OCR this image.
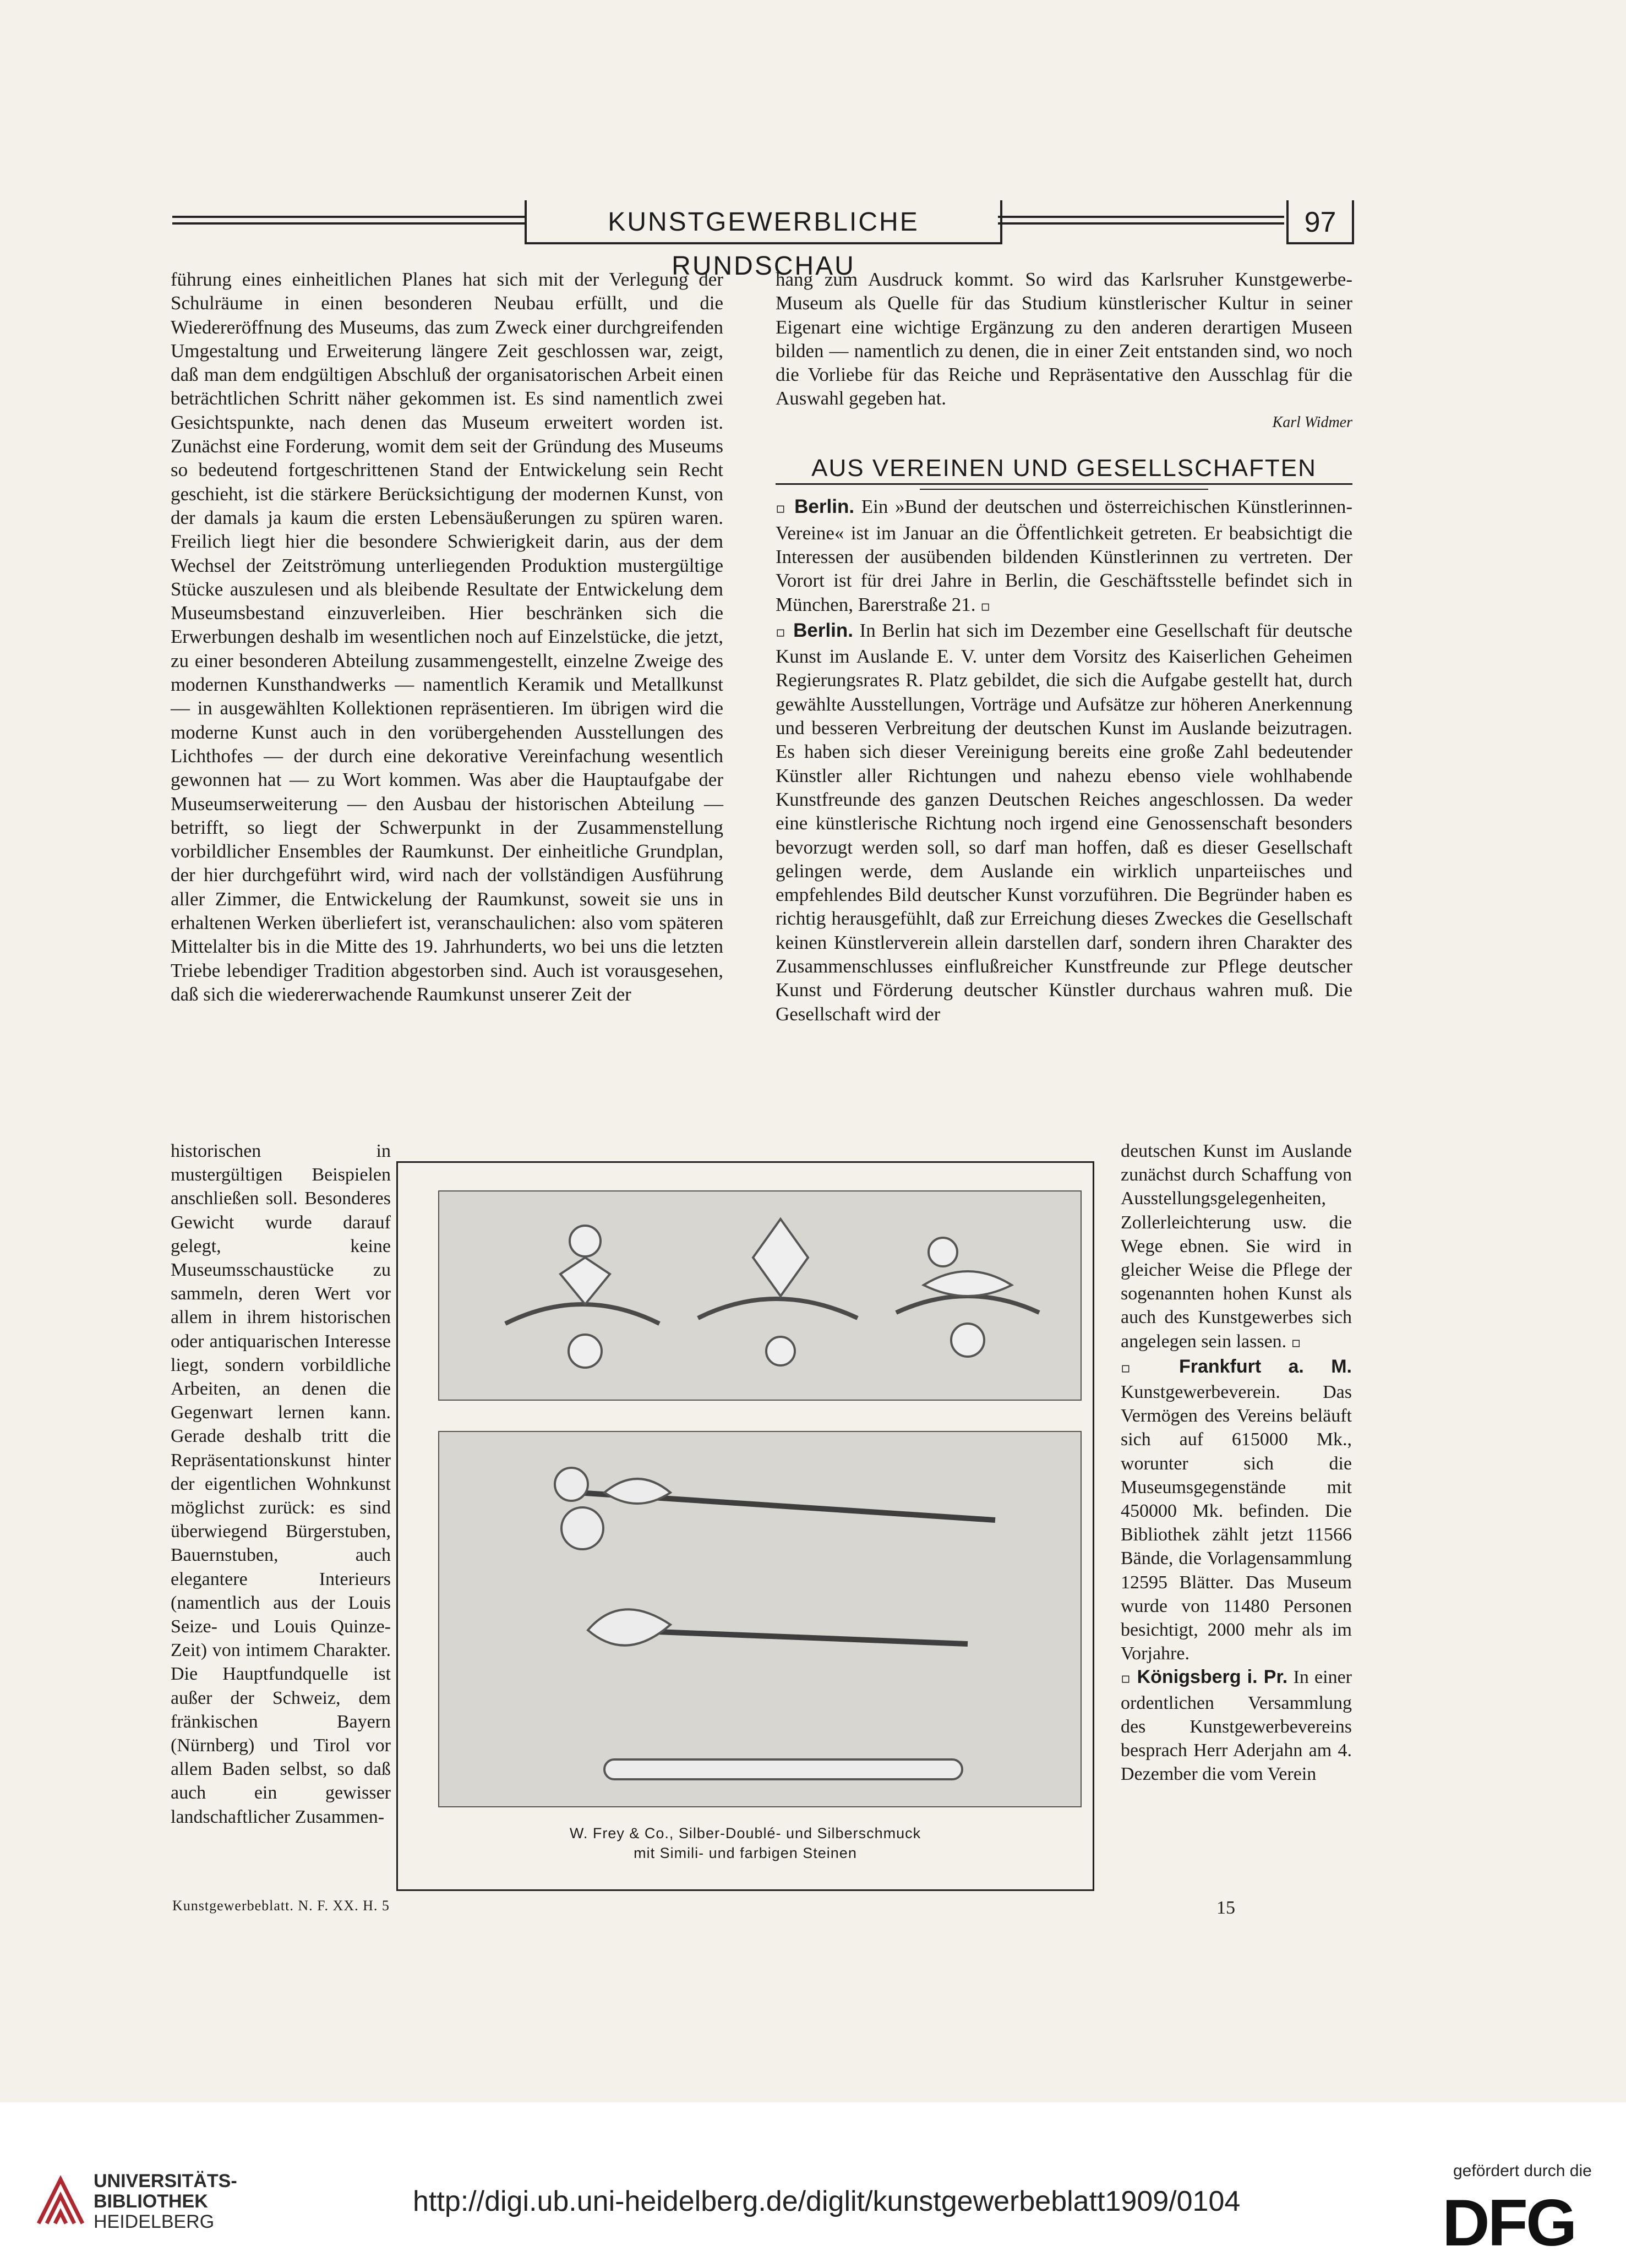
KUNSTGEWERBLICHE RUNDSCHAU
97

führung eines einheitlichen Planes hat sich mit der Verlegung der Schulräume in einen besonderen Neubau erfüllt, und die Wiedereröffnung des Museums, das zum Zweck einer durchgreifenden Umgestaltung und Erweiterung längere Zeit geschlossen war, zeigt, daß man dem endgültigen Abschluß der organisatorischen Arbeit einen beträchtlichen Schritt näher gekommen ist. Es sind namentlich zwei Gesichtspunkte, nach denen das Museum erweitert worden ist. Zunächst eine Forderung, womit dem seit der Gründung des Museums so bedeutend fortgeschrittenen Stand der Entwickelung sein Recht geschieht, ist die stärkere Berücksichtigung der modernen Kunst, von der damals ja kaum die ersten Lebensäußerungen zu spüren waren. Freilich liegt hier die besondere Schwierigkeit darin, aus der dem Wechsel der Zeitströmung unterliegenden Produktion mustergültige Stücke auszulesen und als bleibende Resultate der Entwickelung dem Museumsbestand einzuverleiben. Hier beschränken sich die Erwerbungen deshalb im wesentlichen noch auf Einzelstücke, die jetzt, zu einer besonderen Abteilung zusammengestellt, einzelne Zweige des modernen Kunsthandwerks — namentlich Keramik und Metallkunst — in ausgewählten Kollektionen repräsentieren. Im übrigen wird die moderne Kunst auch in den vorübergehenden Ausstellungen des Lichthofes — der durch eine dekorative Vereinfachung wesentlich gewonnen hat — zu Wort kommen. Was aber die Hauptaufgabe der Museumserweiterung — den Ausbau der historischen Abteilung — betrifft, so liegt der Schwerpunkt in der Zusammenstellung vorbildlicher Ensembles der Raumkunst. Der einheitliche Grundplan, der hier durchgeführt wird, wird nach der vollständigen Ausführung aller Zimmer, die Entwickelung der Raumkunst, soweit sie uns in erhaltenen Werken überliefert ist, veranschaulichen: also vom späteren Mittelalter bis in die Mitte des 19. Jahrhunderts, wo bei uns die letzten Triebe lebendiger Tradition abgestorben sind. Auch ist vorausgesehen, daß sich die wiedererwachende Raumkunst unserer Zeit der

historischen in mustergültigen Beispielen anschließen soll. Besonderes Gewicht wurde darauf gelegt, keine Museumsschaustücke zu sammeln, deren Wert vor allem in ihrem historischen oder antiquarischen Interesse liegt, sondern vorbildliche Arbeiten, an denen die Gegenwart lernen kann. Gerade deshalb tritt die Repräsentationskunst hinter der eigentlichen Wohnkunst möglichst zurück: es sind überwiegend Bürgerstuben, Bauernstuben, auch elegantere Interieurs (namentlich aus der Louis Seize- und Louis Quinze-Zeit) von intimem Charakter. Die Hauptfundquelle ist außer der Schweiz, dem fränkischen Bayern (Nürnberg) und Tirol vor allem Baden selbst, so daß auch ein gewisser landschaftlicher Zusammen-

hang zum Ausdruck kommt. So wird das Karlsruher Kunstgewerbe-Museum als Quelle für das Studium künstlerischer Kultur in seiner Eigenart eine wichtige Ergänzung zu den anderen derartigen Museen bilden — namentlich zu denen, die in einer Zeit entstanden sind, wo noch die Vorliebe für das Reiche und Repräsentative den Ausschlag für die Auswahl gegeben hat.

Karl Widmer

AUS VEREINEN UND GESELLSCHAFTEN

▫ Berlin. Ein »Bund der deutschen und österreichischen Künstlerinnen-Vereine« ist im Januar an die Öffentlichkeit getreten. Er beabsichtigt die Interessen der ausübenden bildenden Künstlerinnen zu vertreten. Der Vorort ist für drei Jahre in Berlin, die Geschäftsstelle befindet sich in München, Barerstraße 21. ▫

▫ Berlin. In Berlin hat sich im Dezember eine Gesellschaft für deutsche Kunst im Auslande E. V. unter dem Vorsitz des Kaiserlichen Geheimen Regierungsrates R. Platz gebildet, die sich die Aufgabe gestellt hat, durch gewählte Ausstellungen, Vorträge und Aufsätze zur höheren Anerkennung und besseren Verbreitung der deutschen Kunst im Auslande beizutragen. Es haben sich dieser Vereinigung bereits eine große Zahl bedeutender Künstler aller Richtungen und nahezu ebenso viele wohlhabende Kunstfreunde des ganzen Deutschen Reiches angeschlossen. Da weder eine künstlerische Richtung noch irgend eine Genossenschaft besonders bevorzugt werden soll, so darf man hoffen, daß es dieser Gesellschaft gelingen werde, dem Auslande ein wirklich unparteiisches und empfehlendes Bild deutscher Kunst vorzuführen. Die Begründer haben es richtig herausgefühlt, daß zur Erreichung dieses Zweckes die Gesellschaft keinen Künstlerverein allein darstellen darf, sondern ihren Charakter des Zusammenschlusses einflußreicher Kunstfreunde zur Pflege deutscher Kunst und Förderung deutscher Künstler durchaus wahren muß. Die Gesellschaft wird der

deutschen Kunst im Auslande zunächst durch Schaffung von Ausstellungsgelegenheiten, Zollerleichterung usw. die Wege ebnen. Sie wird in gleicher Weise die Pflege der sogenannten hohen Kunst als auch des Kunstgewerbes sich angelegen sein lassen. ▫

▫ Frankfurt a. M. Kunstgewerbeverein. Das Vermögen des Vereins beläuft sich auf 615000 Mk., worunter sich die Museumsgegenstände mit 450000 Mk. befinden. Die Bibliothek zählt jetzt 11566 Bände, die Vorlagensammlung 12595 Blätter. Das Museum wurde von 11480 Personen besichtigt, 2000 mehr als im Vorjahre.

▫ Königsberg i. Pr. In einer ordentlichen Versammlung des Kunstgewerbevereins besprach Herr Aderjahn am 4. Dezember die vom Verein

W. Frey & Co., Silber-Doublé- und Silberschmuck
mit Simili- und farbigen Steinen
Kunstgewerbeblatt. N. F. XX. H. 5	15
UNIVERSITÄTS-
BIBLIOTHEK
HEIDELBERG
http://digi.ub.uni-heidelberg.de/diglit/kunstgewerbeblatt1909/0104
gefördert durch die
DFG
